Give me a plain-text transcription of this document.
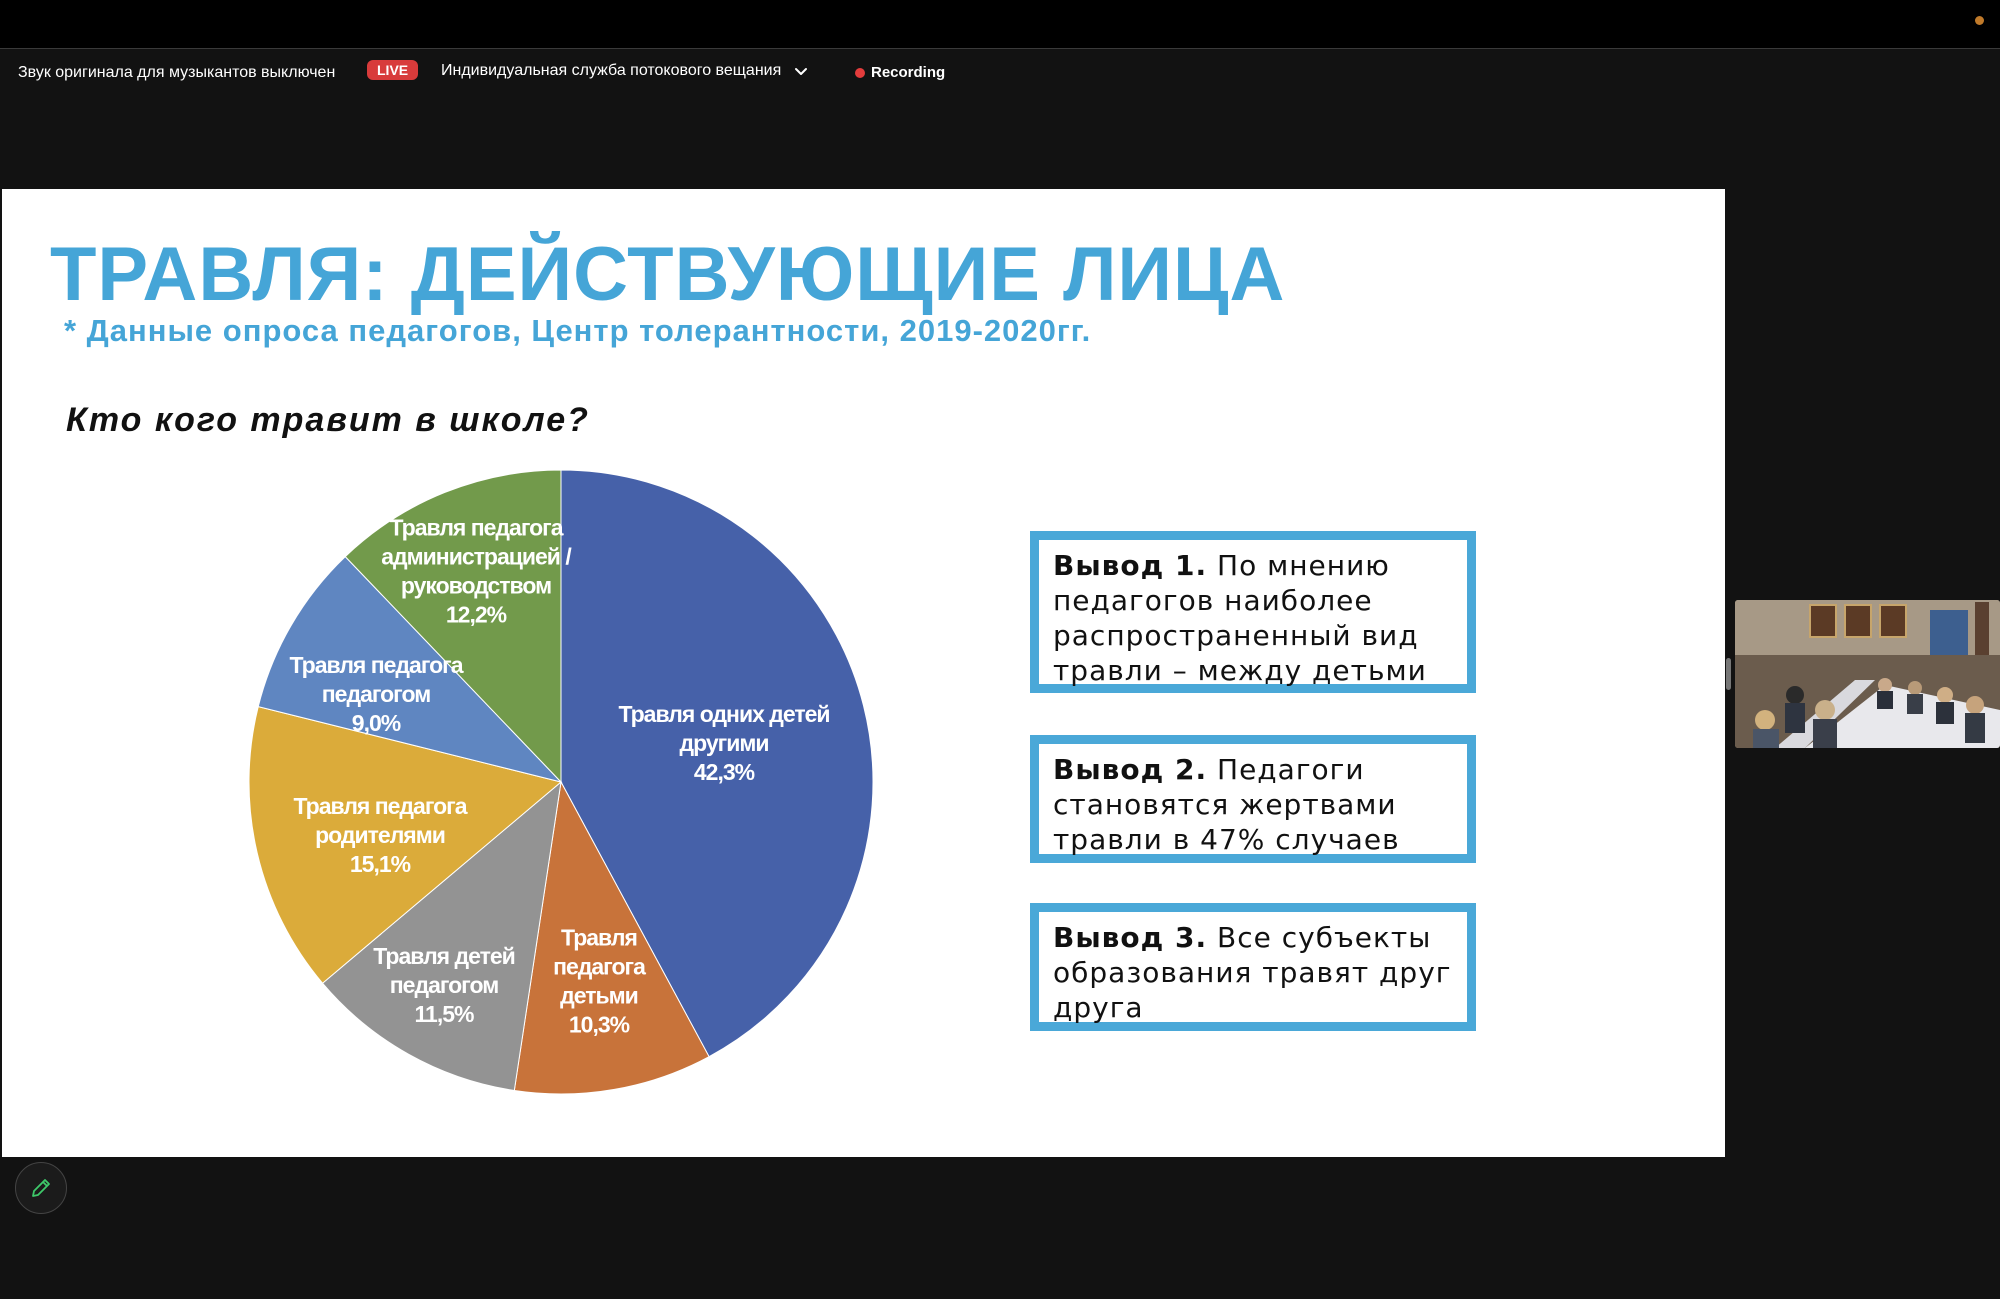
Звук оригинала для музыкантов выключен	LIVE	Индивидуальная служба потокового вещания	Recording
ТРАВЛЯ: ДЕЙСТВУЮЩИЕ ЛИЦА
* Данные опроса педагогов, Центр толерантности, 2019-2020гг.
Кто кого травит в школе?
Травля одних детей
другими
42,3%
Травля
педагога
детьми
10,3%
Травля детей
педагогом
11,5%
Травля педагога
родителями
15,1%
Травля педагога
педагогом
9,0%
Травля педагога
администрацией /
руководством
12,2%
Вывод 1. По мнению педагогов наиболее распространенный вид травли – между детьми
Вывод 2. Педагоги становятся жертвами травли в 47% случаев
Вывод 3. Все субъекты образования травят друг друга
